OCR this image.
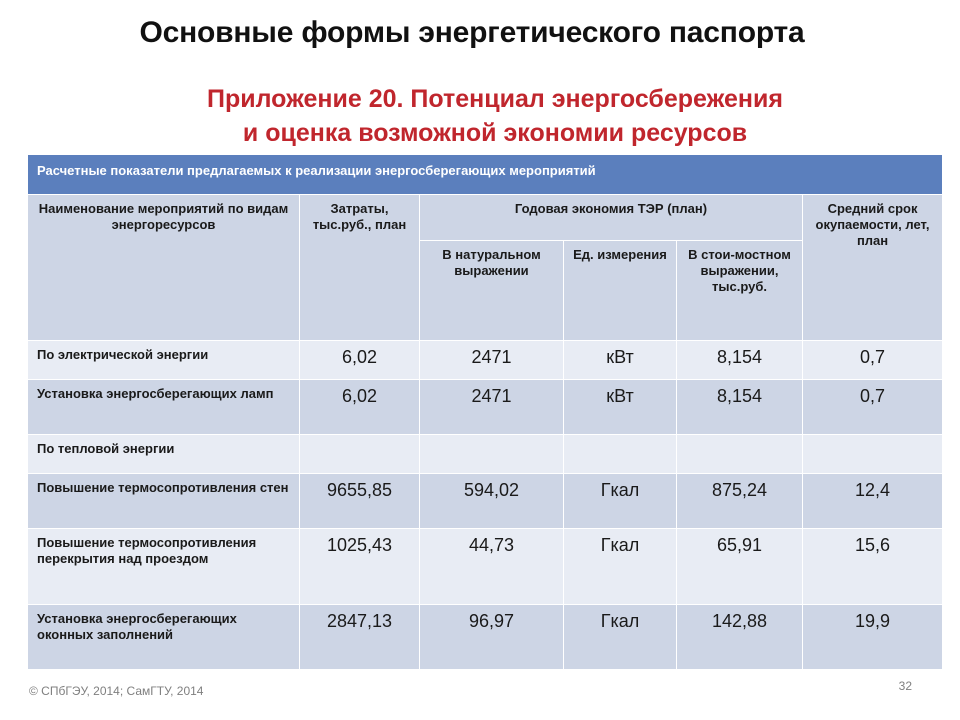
Основные формы энергетического паспорта
Приложение 20. Потенциал энергосбережения
и оценка возможной экономии ресурсов
Расчетные показатели предлагаемых к реализации энергосберегающих мероприятий					

Наименование мероприятий по видам энергоресурсов	Затраты, тыс.руб., план	Годовая экономия ТЭР (план)			Средний срок окупаемости, лет, план

		В натуральном выражении	Ед. измерения	В стои-мостном выражении, тыс.руб.	

По электрической энергии	6,02	2471	кВт	8,154	0,7
Установка энергосберегающих ламп	6,02	2471	кВт	8,154	0,7
По тепловой энергии					
Повышение термосопротивления стен	9655,85	594,02	Гкал	875,24	12,4
Повышение термосопротивления перекрытия над проездом	1025,43	44,73	Гкал	65,91	15,6
Установка энергосберегающих оконных заполнений	2847,13	96,97	Гкал	142,88	19,9
© СПбГЭУ, 2014; СамГТУ, 2014	32
